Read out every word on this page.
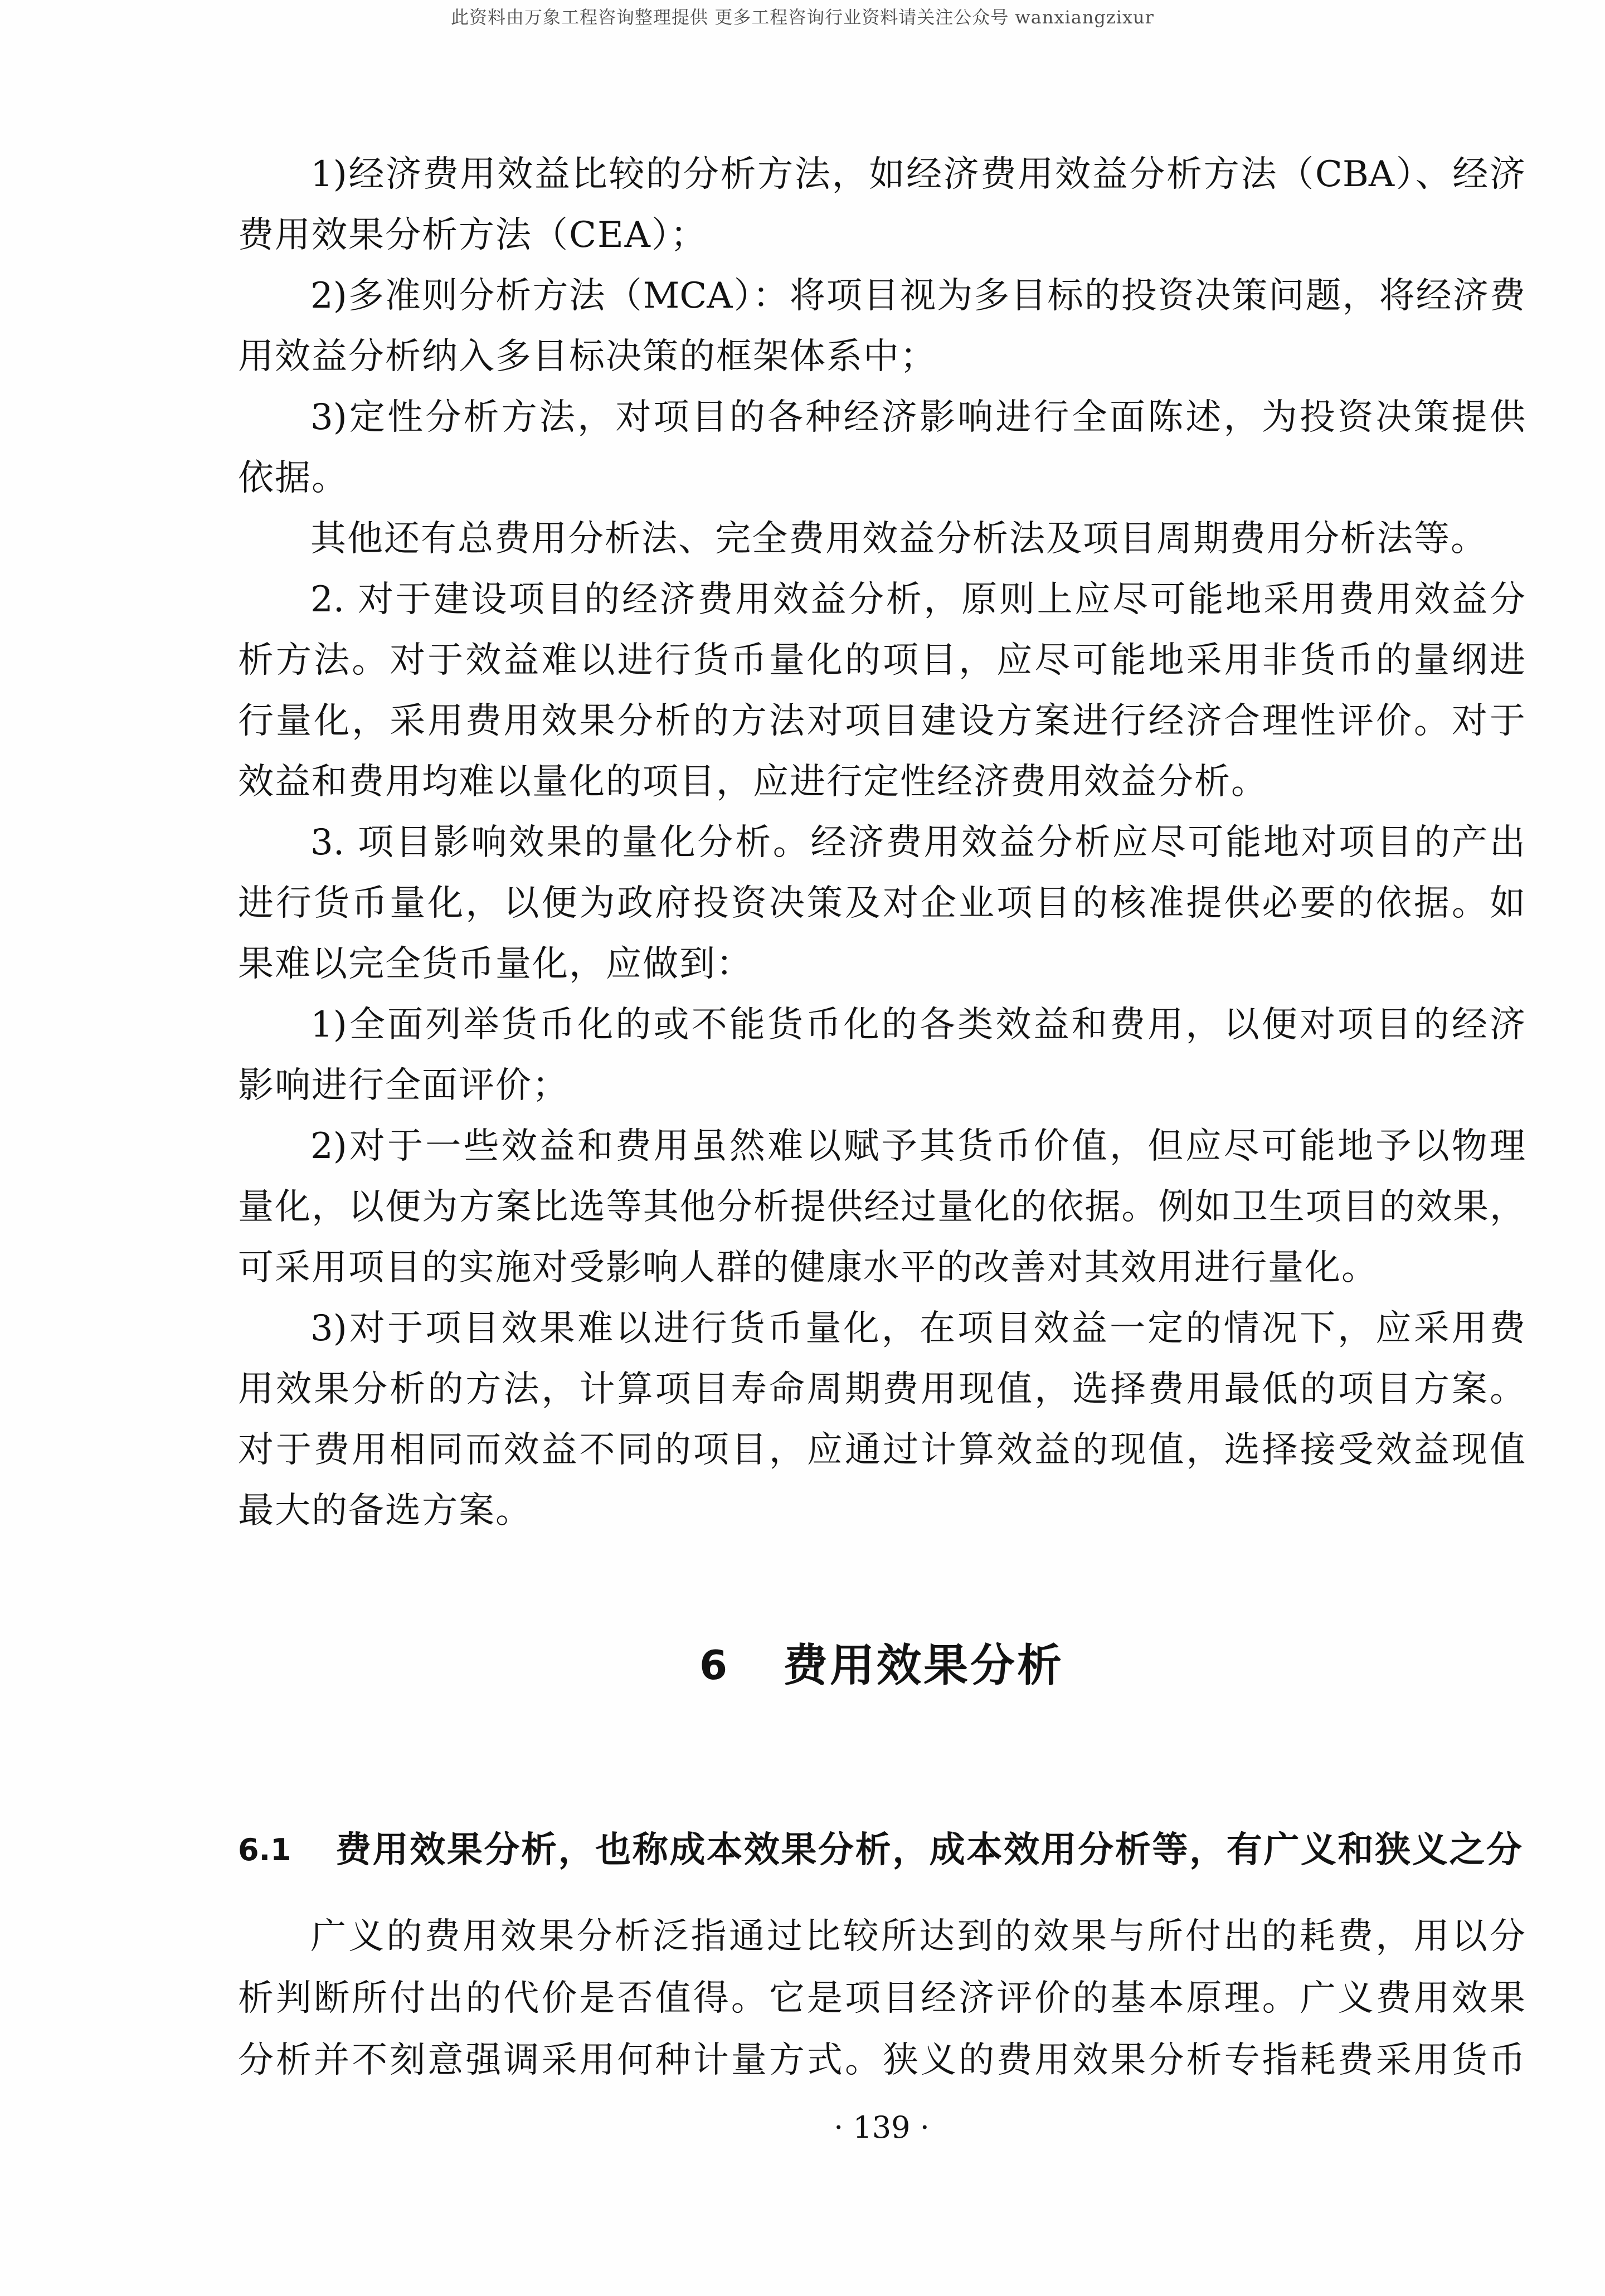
此资料由万象工程咨询整理提供 更多工程咨询行业资料请关注公众号 wanxiangzixur
1)经济费用效益比较的分析方法，如经济费用效益分析方法（CBA）、经济
费用效果分析方法（CEA）；
2)多准则分析方法（MCA）：将项目视为多目标的投资决策问题，将经济费
用效益分析纳入多目标决策的框架体系中；
3)定性分析方法，对项目的各种经济影响进行全面陈述，为投资决策提供
依据。
其他还有总费用分析法、完全费用效益分析法及项目周期费用分析法等。
2. 对于建设项目的经济费用效益分析，原则上应尽可能地采用费用效益分
析方法。对于效益难以进行货币量化的项目，应尽可能地采用非货币的量纲进
行量化，采用费用效果分析的方法对项目建设方案进行经济合理性评价。对于
效益和费用均难以量化的项目，应进行定性经济费用效益分析。
3. 项目影响效果的量化分析。经济费用效益分析应尽可能地对项目的产出
进行货币量化，以便为政府投资决策及对企业项目的核准提供必要的依据。如
果难以完全货币量化，应做到：
1)全面列举货币化的或不能货币化的各类效益和费用，以便对项目的经济
影响进行全面评价；
2)对于一些效益和费用虽然难以赋予其货币价值，但应尽可能地予以物理
量化，以便为方案比选等其他分析提供经过量化的依据。例如卫生项目的效果，
可采用项目的实施对受影响人群的健康水平的改善对其效用进行量化。
3)对于项目效果难以进行货币量化，在项目效益一定的情况下，应采用费
用效果分析的方法，计算项目寿命周期费用现值，选择费用最低的项目方案。
对于费用相同而效益不同的项目，应通过计算效益的现值，选择接受效益现值
最大的备选方案。
6 费用效果分析
6.1 费用效果分析，也称成本效果分析，成本效用分析等，有广义和狭义之分
广义的费用效果分析泛指通过比较所达到的效果与所付出的耗费，用以分
析判断所付出的代价是否值得。它是项目经济评价的基本原理。广义费用效果
分析并不刻意强调采用何种计量方式。狭义的费用效果分析专指耗费采用货币
· 139 ·
